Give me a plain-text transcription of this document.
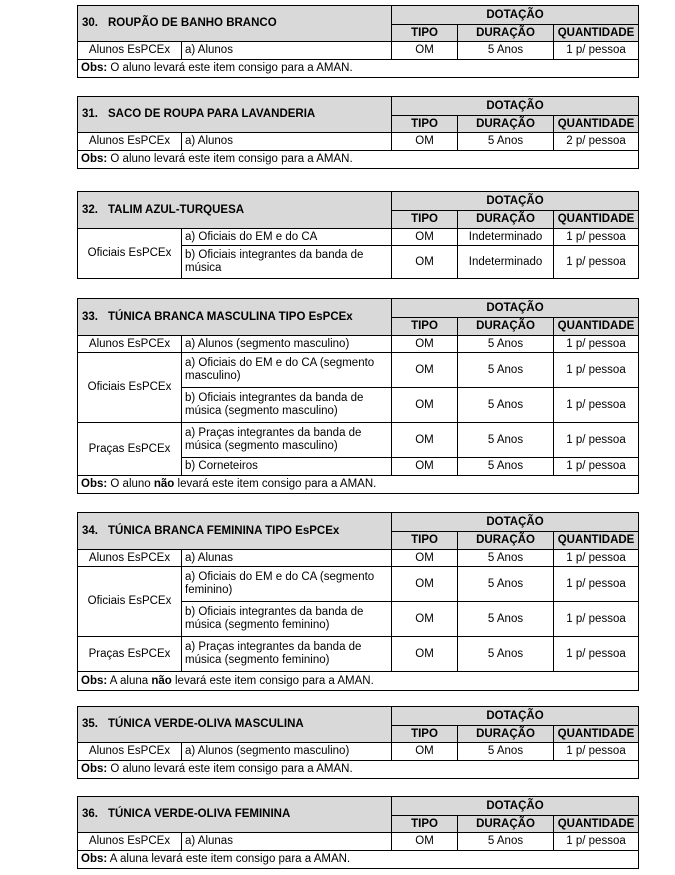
30. ROUPÃO DE BANHO BRANCO		DOTAÇÃO		
		TIPO	DURAÇÃO	QUANTIDADE
Alunos EsPCEx	a) Alunos	OM	5 Anos	1 p/ pessoa
Obs: O aluno levará este item consigo para a AMAN.				
31. SACO DE ROUPA PARA LAVANDERIA		DOTAÇÃO		
		TIPO	DURAÇÃO	QUANTIDADE
Alunos EsPCEx	a) Alunos	OM	5 Anos	2 p/ pessoa
Obs: O aluno levará este item consigo para a AMAN.				
32. TALIM AZUL-TURQUESA		DOTAÇÃO		
		TIPO	DURAÇÃO	QUANTIDADE
Oficiais EsPCEx	a) Oficiais do EM e do CA	OM	Indeterminado	1 p/ pessoa
	b) Oficiais integrantes da banda de música	OM	Indeterminado	1 p/ pessoa
33. TÚNICA BRANCA MASCULINA TIPO EsPCEx		DOTAÇÃO		
		TIPO	DURAÇÃO	QUANTIDADE
Alunos EsPCEx	a) Alunos (segmento masculino)	OM	5 Anos	1 p/ pessoa
Oficiais EsPCEx	a) Oficiais do EM e do CA (segmento masculino)	OM	5 Anos	1 p/ pessoa
	b) Oficiais integrantes da banda de música (segmento masculino)	OM	5 Anos	1 p/ pessoa
Praças EsPCEx	a) Praças integrantes da banda de música (segmento masculino)	OM	5 Anos	1 p/ pessoa
	b) Corneteiros	OM	5 Anos	1 p/ pessoa
Obs: O aluno não levará este item consigo para a AMAN.				
34. TÚNICA BRANCA FEMININA TIPO EsPCEx		DOTAÇÃO		
		TIPO	DURAÇÃO	QUANTIDADE
Alunos EsPCEx	a) Alunas	OM	5 Anos	1 p/ pessoa
Oficiais EsPCEx	a) Oficiais do EM e do CA (segmento feminino)	OM	5 Anos	1 p/ pessoa
	b) Oficiais integrantes da banda de música (segmento feminino)	OM	5 Anos	1 p/ pessoa
Praças EsPCEx	a) Praças integrantes da banda de música (segmento feminino)	OM	5 Anos	1 p/ pessoa
Obs: A aluna não levará este item consigo para a AMAN.				
35. TÚNICA VERDE-OLIVA MASCULINA		DOTAÇÃO		
		TIPO	DURAÇÃO	QUANTIDADE
Alunos EsPCEx	a) Alunos (segmento masculino)	OM	5 Anos	1 p/ pessoa
Obs: O aluno levará este item consigo para a AMAN.				
36. TÚNICA VERDE-OLIVA FEMININA		DOTAÇÃO		
		TIPO	DURAÇÃO	QUANTIDADE
Alunos EsPCEx	a) Alunas	OM	5 Anos	1 p/ pessoa
Obs: A aluna levará este item consigo para a AMAN.				
